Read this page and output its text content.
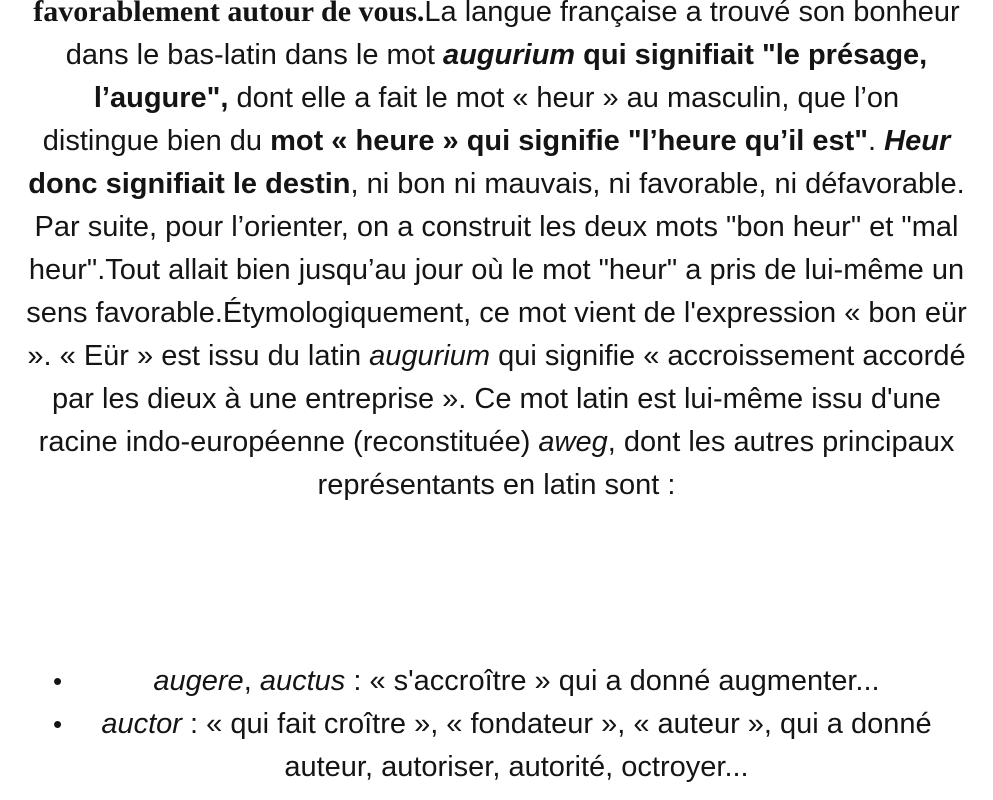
favorablement autour de vous.La langue française a trouvé son bonheur dans le bas-latin dans le mot augurium qui signifiait "le présage, l’augure", dont elle a fait le mot « heur » au masculin, que l’on
distingue bien du mot « heure » qui signifie "l’heure qu’il est". Heur donc signifiait le destin, ni bon ni mauvais, ni favorable, ni défavorable. Par suite, pour l’orienter, on a construit les deux mots "bon heur" et "mal heur".Tout allait bien jusqu’au jour où le mot "heur" a pris de lui-même un sens favorable.Étymologiquement, ce mot vient de l'expression « bon eür ». « Eür » est issu du latin augurium qui signifie « accroissement accordé par les dieux à une entreprise ». Ce mot latin est lui-même issu d'une racine indo-européenne (reconstituée) aweg, dont les autres principaux représentants en latin sont :

•	augere, auctus : « s'accroître » qui a donné augmenter...
• auctor : « qui fait croître », « fondateur », « auteur », qui a donné auteur, autoriser, autorité, octroyer...
